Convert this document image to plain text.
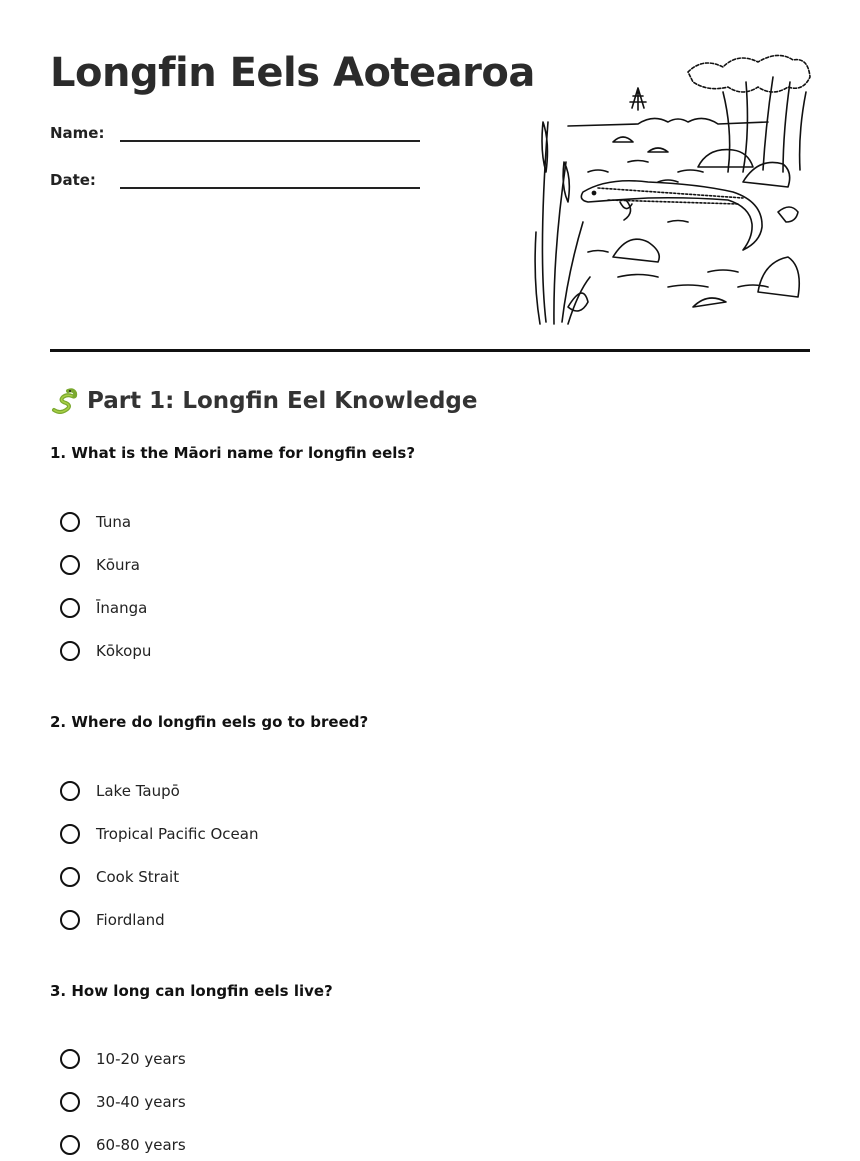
Longfin Eels Aotearoa
Name:
Date:
Part 1: Longfin Eel Knowledge

1. What is the Māori name for longfin eels?

Tuna
Kōura
Īnanga
Kōkopu

2. Where do longfin eels go to breed?

Lake Taupō
Tropical Pacific Ocean
Cook Strait
Fiordland

3. How long can longfin eels live?

10-20 years
30-40 years
60-80 years
